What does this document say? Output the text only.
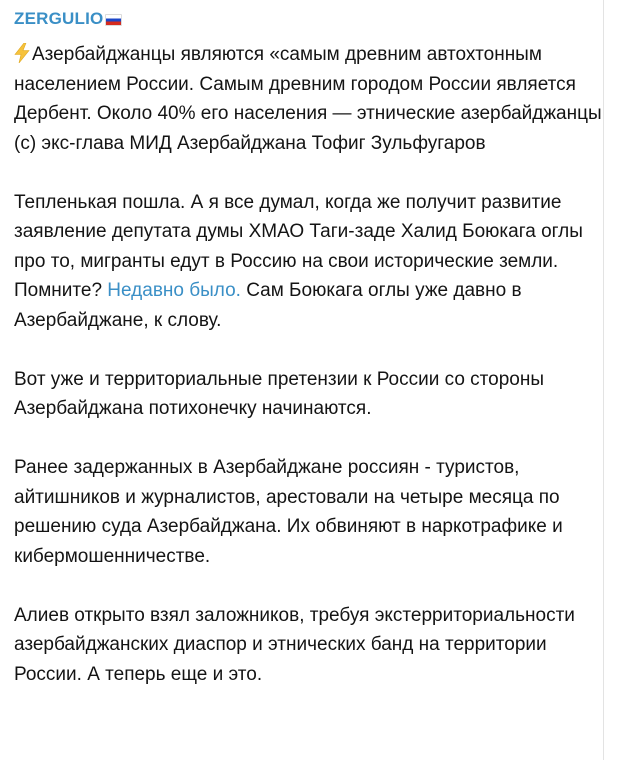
ZERGULIO

Азербайджанцы являются «самым древним автохтонным населением России. Самым древним городом России является Дербент. Около 40% его населения — этнические азербайджанцы (с) экс-глава МИД Азербайджана Тофиг Зульфугаров

Тепленькая пошла. А я все думал, когда же получит развитие заявление депутата думы ХМАО Таги-заде Халид Боюкага оглы про то, мигранты едут в Россию на свои исторические земли. Помните? Недавно было. Сам Боюкага оглы уже давно в Азербайджане, к слову.

Вот уже и территориальные претензии к России со стороны Азербайджана потихонечку начинаются.

Ранее задержанных в Азербайджане россиян - туристов, айтишников и журналистов, арестовали на четыре месяца по решению суда Азербайджана. Их обвиняют в наркотрафике и кибермошенничестве.

Алиев открыто взял заложников, требуя экстерриториальности азербайджанских диаспор и этнических банд на территории России. А теперь еще и это.
